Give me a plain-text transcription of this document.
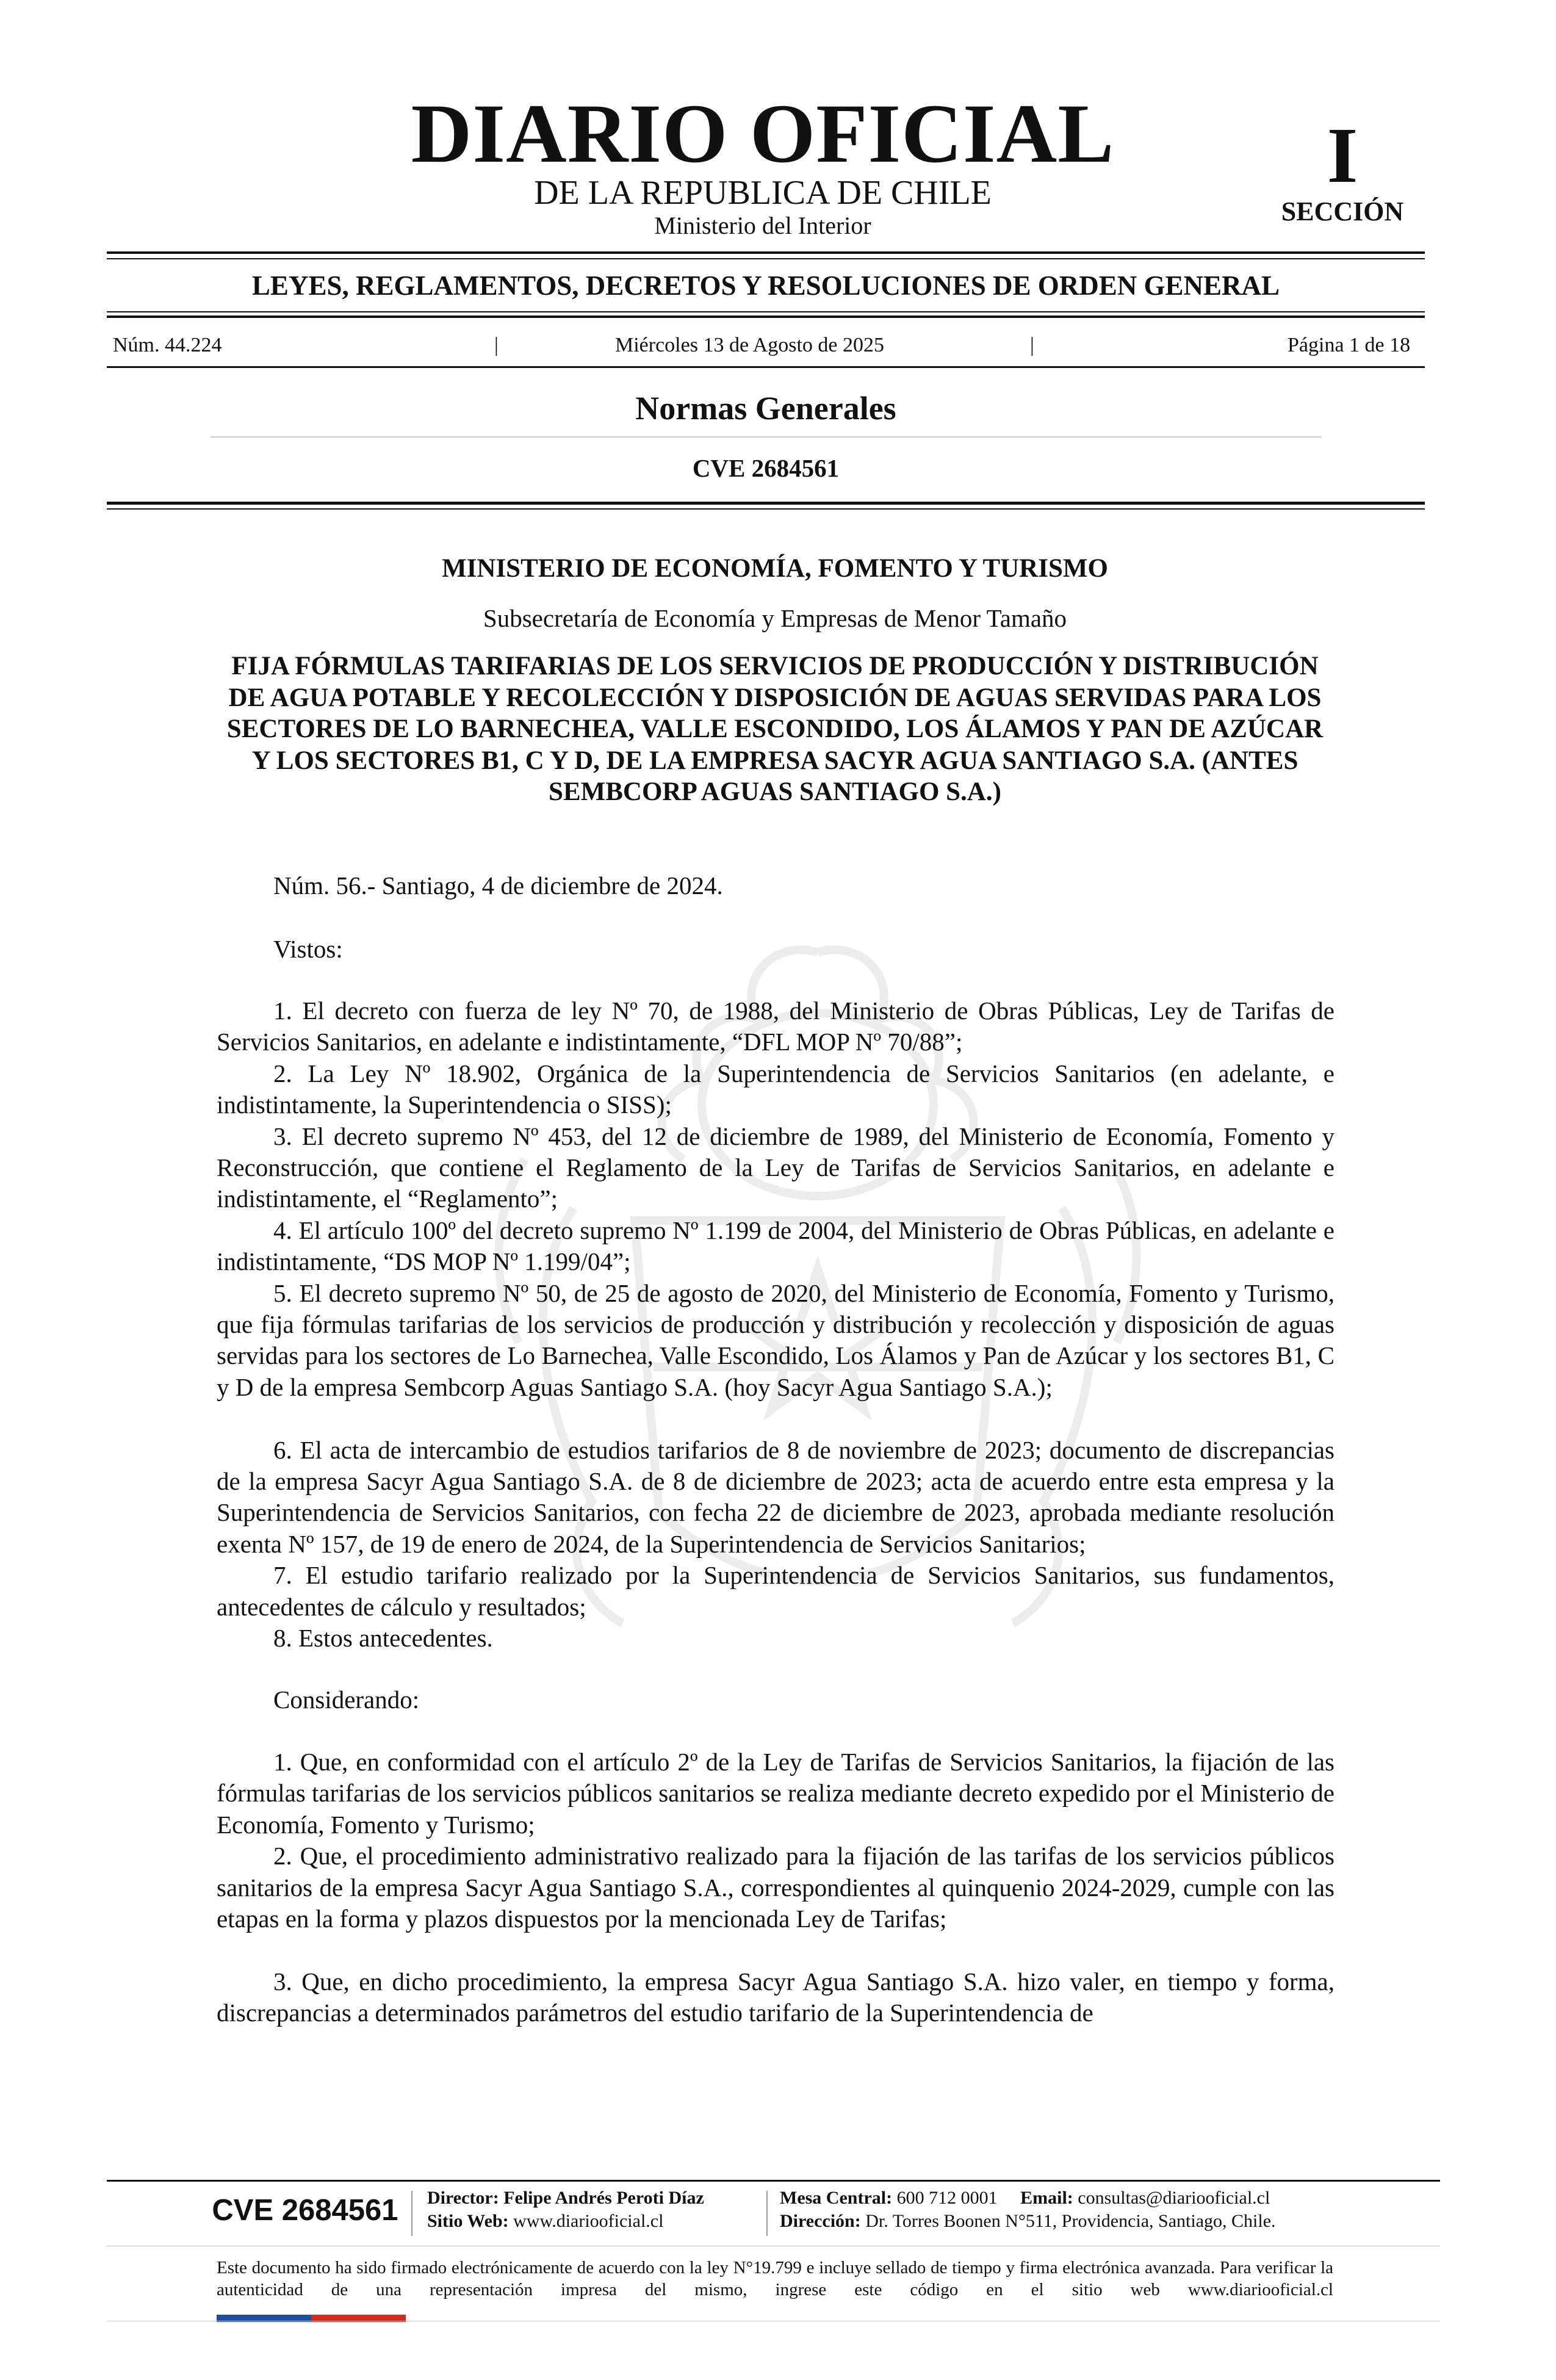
DIARIO OFICIAL
DE LA REPUBLICA DE CHILE
Ministerio del Interior
I
SECCIÓN
LEYES, REGLAMENTOS, DECRETOS Y RESOLUCIONES DE ORDEN GENERAL
Núm. 44.224	|	Miércoles 13 de Agosto de 2025	|	Página 1 de 18
Normas Generales
CVE 2684561
MINISTERIO DE ECONOMÍA, FOMENTO Y TURISMO
Subsecretaría de Economía y Empresas de Menor Tamaño
FIJA FÓRMULAS TARIFARIAS DE LOS SERVICIOS DE PRODUCCIÓN Y DISTRIBUCIÓN DE AGUA POTABLE Y RECOLECCIÓN Y DISPOSICIÓN DE AGUAS SERVIDAS PARA LOS SECTORES DE LO BARNECHEA, VALLE ESCONDIDO, LOS ÁLAMOS Y PAN DE AZÚCAR Y LOS SECTORES B1, C Y D, DE LA EMPRESA SACYR AGUA SANTIAGO S.A. (ANTES SEMBCORP AGUAS SANTIAGO S.A.)
Núm. 56.- Santiago, 4 de diciembre de 2024.
Vistos:

1. El decreto con fuerza de ley Nº 70, de 1988, del Ministerio de Obras Públicas, Ley de Tarifas de Servicios Sanitarios, en adelante e indistintamente, “DFL MOP Nº 70/88”;

2. La Ley Nº 18.902, Orgánica de la Superintendencia de Servicios Sanitarios (en adelante, e indistintamente, la Superintendencia o SISS);

3. El decreto supremo Nº 453, del 12 de diciembre de 1989, del Ministerio de Economía, Fomento y Reconstrucción, que contiene el Reglamento de la Ley de Tarifas de Servicios Sanitarios, en adelante e indistintamente, el “Reglamento”;

4. El artículo 100º del decreto supremo Nº 1.199 de 2004, del Ministerio de Obras Públicas, en adelante e indistintamente, “DS MOP Nº 1.199/04”;

5. El decreto supremo Nº 50, de 25 de agosto de 2020, del Ministerio de Economía, Fomento y Turismo, que fija fórmulas tarifarias de los servicios de producción y distribución y recolección y disposición de aguas servidas para los sectores de Lo Barnechea, Valle Escondido, Los Álamos y Pan de Azúcar y los sectores B1, C y D de la empresa Sembcorp Aguas Santiago S.A. (hoy Sacyr Agua Santiago S.A.);

6. El acta de intercambio de estudios tarifarios de 8 de noviembre de 2023; documento de discrepancias de la empresa Sacyr Agua Santiago S.A. de 8 de diciembre de 2023; acta de acuerdo entre esta empresa y la Superintendencia de Servicios Sanitarios, con fecha 22 de diciembre de 2023, aprobada mediante resolución exenta Nº 157, de 19 de enero de 2024, de la Superintendencia de Servicios Sanitarios;

7. El estudio tarifario realizado por la Superintendencia de Servicios Sanitarios, sus fundamentos, antecedentes de cálculo y resultados;

8. Estos antecedentes.

Considerando:

1. Que, en conformidad con el artículo 2º de la Ley de Tarifas de Servicios Sanitarios, la fijación de las fórmulas tarifarias de los servicios públicos sanitarios se realiza mediante decreto expedido por el Ministerio de Economía, Fomento y Turismo;

2. Que, el procedimiento administrativo realizado para la fijación de las tarifas de los servicios públicos sanitarios de la empresa Sacyr Agua Santiago S.A., correspondientes al quinquenio 2024-2029, cumple con las etapas en la forma y plazos dispuestos por la mencionada Ley de Tarifas;

3. Que, en dicho procedimiento, la empresa Sacyr Agua Santiago S.A. hizo valer, en tiempo y forma, discrepancias a determinados parámetros del estudio tarifario de la Superintendencia de

CVE 2684561 Director: Felipe Andrés Peroti Díaz
Sitio Web: www.diariooficial.cl
Mesa Central: 600 712 0001 Email: consultas@diariooficial.cl
Dirección: Dr. Torres Boonen N°511, Providencia, Santiago, Chile.
Este documento ha sido firmado electrónicamente de acuerdo con la ley N°19.799 e incluye sellado de tiempo y firma electrónica avanzada. Para verificar la autenticidad de una representación impresa del mismo, ingrese este código en el sitio web www.diariooficial.cl
